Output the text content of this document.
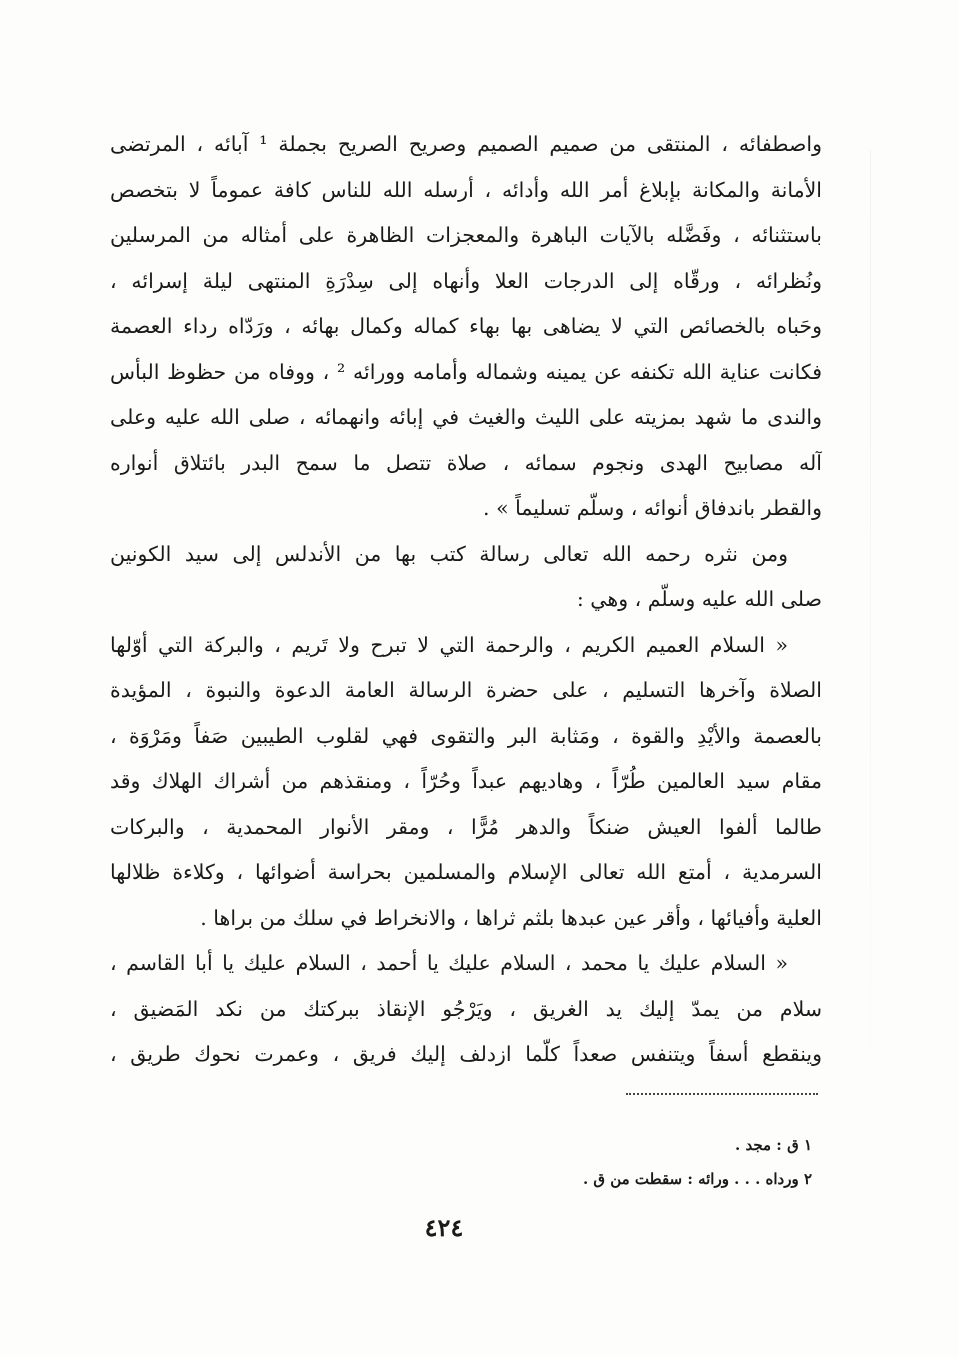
واصطفائه ، المنتقى من صميم الصميم وصريح الصريح بجملة ¹ آبائه ، المرتضى
الأمانة والمكانة بإبلاغ أمر الله وأدائه ، أرسله الله للناس كافة عموماً لا بتخصص
باستثنائه ، وفَضَّله بالآيات الباهرة والمعجزات الظاهرة على أمثاله من المرسلين
ونُظرائه ، ورقّاه إلى الدرجات العلا وأنهاه إلى سِدْرَةِ المنتهى ليلة إسرائه ،
وحَباه بالخصائص التي لا يضاهى بها بهاء كماله وكمال بهائه ، ورَدّاه رداء العصمة
فكانت عناية الله تكنفه عن يمينه وشماله وأمامه وورائه ² ، ووفاه من حظوظ البأس
والندى ما شهد بمزيته على الليث والغيث في إبائه وانهمائه ، صلى الله عليه وعلى
آله مصابيح الهدى ونجوم سمائه ، صلاة تتصل ما سمح البدر بائتلاق أنواره
والقطر باندفاق أنوائه ، وسلّم تسليماً » .
ومن نثره رحمه الله تعالى رسالة كتب بها من الأندلس إلى سيد الكونين
صلى الله عليه وسلّم ، وهي :
« السلام العميم الكريم ، والرحمة التي لا تبرح ولا تَريم ، والبركة التي أوّلها
الصلاة وآخرها التسليم ، على حضرة الرسالة العامة الدعوة والنبوة ، المؤيدة
بالعصمة والأيْدِ والقوة ، ومَثابة البر والتقوى فهي لقلوب الطيبين صَفاً ومَرْوَة ،
مقام سيد العالمين طُرّاً ، وهاديهم عبداً وحُرّاً ، ومنقذهم من أشراك الهلاك وقد
طالما ألفوا العيش ضنكاً والدهر مُرًّا ، ومقر الأنوار المحمدية ، والبركات
السرمدية ، أمتع الله تعالى الإسلام والمسلمين بحراسة أضوائها ، وكلاءة ظلالها
العلية وأفيائها ، وأقر عين عبدها بلثم ثراها ، والانخراط في سلك من براها .
« السلام عليك يا محمد ، السلام عليك يا أحمد ، السلام عليك يا أبا القاسم ،
سلام من يمدّ إليك يد الغريق ، ويَرْجُو الإنقاذ ببركتك من نكد المَضيق ،
وينقطع أسفاً ويتنفس صعداً كلّما ازدلف إليك فريق ، وعمرت نحوك طريق ،
١ ق : مجد .
٢ ورداه . . . ورائه : سقطت من ق .
٤٢٤
